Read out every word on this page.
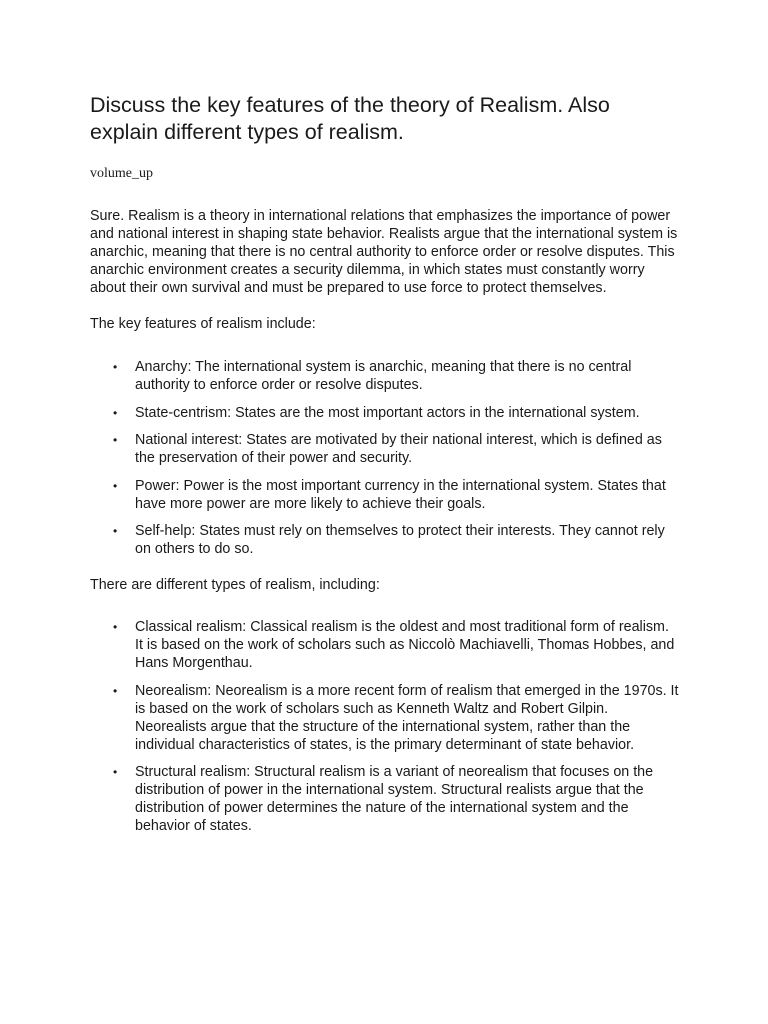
Discuss the key features of the theory of Realism. Also explain different types of realism.
volume_up

Sure. Realism is a theory in international relations that emphasizes the importance of power and national interest in shaping state behavior. Realists argue that the international system is anarchic, meaning that there is no central authority to enforce order or resolve disputes. This anarchic environment creates a security dilemma, in which states must constantly worry about their own survival and must be prepared to use force to protect themselves.

The key features of realism include:

• Anarchy: The international system is anarchic, meaning that there is no central authority to enforce order or resolve disputes.
• State-centrism: States are the most important actors in the international system.
• National interest: States are motivated by their national interest, which is defined as the preservation of their power and security.
• Power: Power is the most important currency in the international system. States that have more power are more likely to achieve their goals.
• Self-help: States must rely on themselves to protect their interests. They cannot rely on others to do so.

There are different types of realism, including:

• Classical realism: Classical realism is the oldest and most traditional form of realism. It is based on the work of scholars such as Niccolò Machiavelli, Thomas Hobbes, and Hans Morgenthau.
• Neorealism: Neorealism is a more recent form of realism that emerged in the 1970s. It is based on the work of scholars such as Kenneth Waltz and Robert Gilpin. Neorealists argue that the structure of the international system, rather than the individual characteristics of states, is the primary determinant of state behavior.
• Structural realism: Structural realism is a variant of neorealism that focuses on the distribution of power in the international system. Structural realists argue that the distribution of power determines the nature of the international system and the behavior of states.
